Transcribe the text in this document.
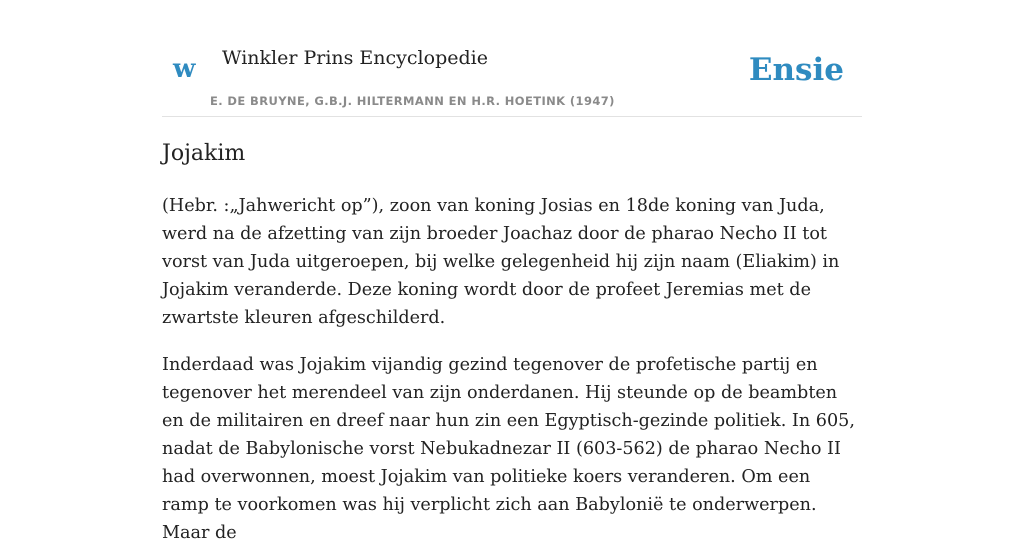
w Winkler Prins Encyclopedie
E. DE BRUYNE, G.B.J. HILTERMANN EN H.R. HOETINK (1947)
Ensie
Jojakim

(Hebr. :„Jahwericht op”), zoon van koning Josias en 18de koning van Juda, werd na de afzetting van zijn broeder Joachaz door de pharao Necho II tot vorst van Juda uitgeroepen, bij welke gelegenheid hij zijn naam (Eliakim) in Jojakim veranderde. Deze koning wordt door de profeet Jeremias met de zwartste kleuren afgeschilderd.

Inderdaad was Jojakim vijandig gezind tegenover de profetische partij en tegenover het merendeel van zijn onderdanen. Hij steunde op de beambten en de militairen en dreef naar hun zin een Egyptisch-gezinde politiek. In 605, nadat de Babylonische vorst Nebukadnezar II (603-562) de pharao Necho II had overwonnen, moest Jojakim van politieke koers veranderen. Om een ramp te voorkomen was hij verplicht zich aan Babylonië te onderwerpen. Maar de
